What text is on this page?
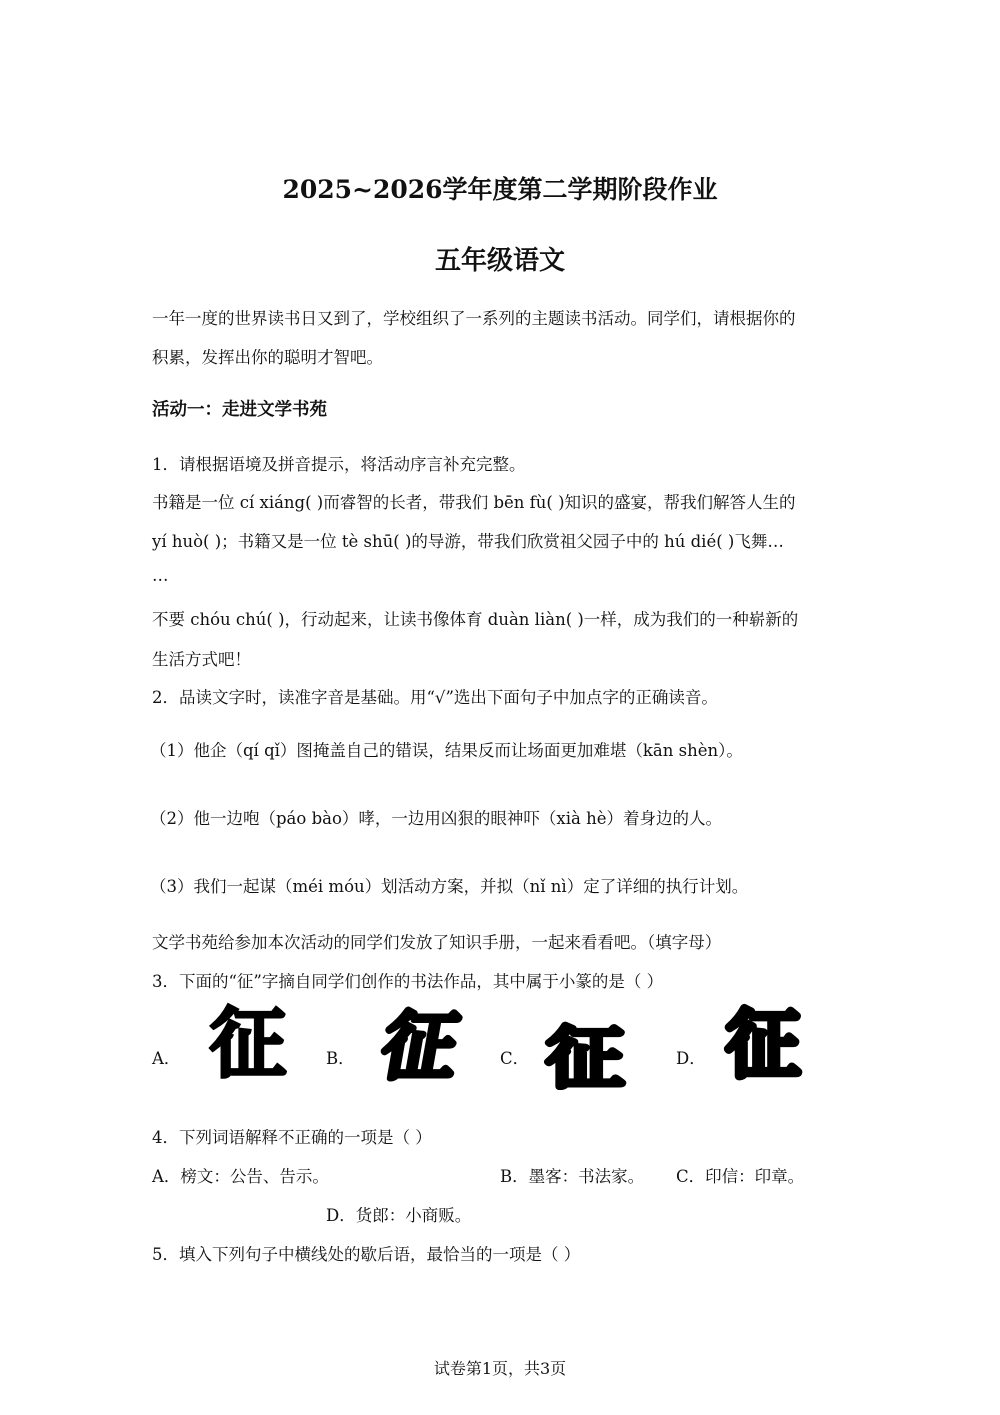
2025~2026学年度第二学期阶段作业
五年级语文
一年一度的世界读书日又到了，学校组织了一系列的主题读书活动。同学们，请根据你的
积累，发挥出你的聪明才智吧。
活动一：走进文学书苑
1．请根据语境及拼音提示，将活动序言补充完整。
书籍是一位 cí xiáng( )而睿智的长者，带我们 bēn fù( )知识的盛宴，帮我们解答人生的
yí huò( )；书籍又是一位 tè shū( )的导游，带我们欣赏祖父园子中的 hú dié( )飞舞…
…
不要 chóu chú( )，行动起来，让读书像体育 duàn liàn( )一样，成为我们的一种崭新的
生活方式吧！
2．品读文字时，读准字音是基础。用“√”选出下面句子中加点字的正确读音。
（1）他企（qí qǐ）图掩盖自己的错误，结果反而让场面更加难堪（kān shèn）。
（2）他一边咆（páo bào）哮，一边用凶狠的眼神吓（xià hè）着身边的人。
（3）我们一起谋（méi móu）划活动方案，并拟（nǐ nì）定了详细的执行计划。
文学书苑给参加本次活动的同学们发放了知识手册，一起来看看吧。（填字母）
3．下面的“征”字摘自同学们创作的书法作品，其中属于小篆的是（ ）
A． 征 B． 征 C． 征	D． 征
4．下列词语解释不正确的一项是（ ）
A．榜文：公告、告示。	B．墨客：书法家。 C．印信：印章。
D．货郎：小商贩。
5．填入下列句子中横线处的歇后语，最恰当的一项是（ ）
试卷第1页，共3页
